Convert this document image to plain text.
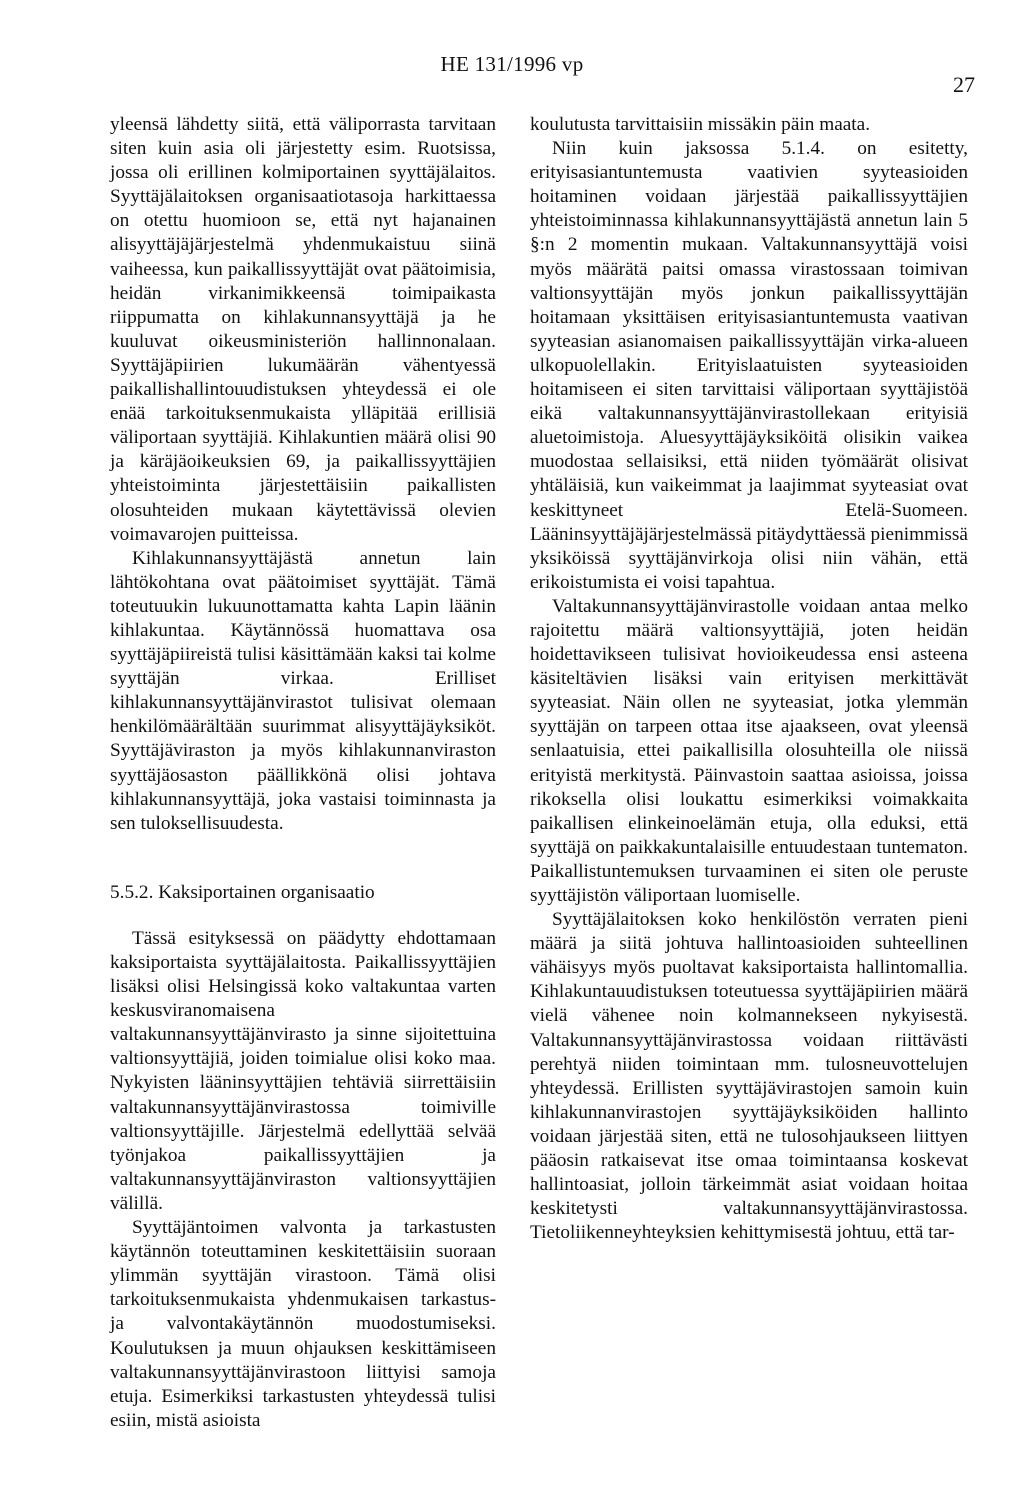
HE 131/1996 vp
27

yleensä lähdetty siitä, että väliporrasta tarvitaan siten kuin asia oli järjestetty esim. Ruotsissa, jossa oli erillinen kolmiportainen syyttäjälaitos. Syyttäjälaitoksen organisaatiotasoja harkittaessa on otettu huomioon se, että nyt hajanainen alisyyttäjäjärjestelmä yhdenmukaistuu siinä vaiheessa, kun paikallissyyttäjät ovat päätoimisia, heidän virkanimikkeensä toimipaikasta riippumatta on kihlakunnansyyttäjä ja he kuuluvat oikeusministeriön hallinnonalaan. Syyttäjäpiirien lukumäärän vähentyessä paikallishallintouudistuksen yhteydessä ei ole enää tarkoituksenmukaista ylläpitää erillisiä väliportaan syyttäjiä. Kihlakuntien määrä olisi 90 ja käräjäoikeuksien 69, ja paikallissyyttäjien yhteistoiminta järjestettäisiin paikallisten olosuhteiden mukaan käytettävissä olevien voimavarojen puitteissa.

Kihlakunnansyyttäjästä annetun lain lähtökohtana ovat päätoimiset syyttäjät. Tämä toteutuukin lukuunottamatta kahta Lapin läänin kihlakuntaa. Käytännössä huomattava osa syyttäjäpiireistä tulisi käsittämään kaksi tai kolme syyttäjän virkaa. Erilliset kihlakunnansyyttäjänvirastot tulisivat olemaan henkilömäärältään suurimmat alisyyttäjäyksiköt. Syyttäjäviraston ja myös kihlakunnanviraston syyttäjäosaston päällikkönä olisi johtava kihlakunnansyyttäjä, joka vastaisi toiminnasta ja sen tuloksellisuudesta.

5.5.2. Kaksiportainen organisaatio

Tässä esityksessä on päädytty ehdottamaan kaksiportaista syyttäjälaitosta. Paikallissyyttäjien lisäksi olisi Helsingissä koko valtakuntaa varten keskusviranomaisena valtakunnansyyttäjänvirasto ja sinne sijoitettuina valtionsyyttäjiä, joiden toimialue olisi koko maa. Nykyisten lääninsyyttäjien tehtäviä siirrettäisiin valtakunnansyyttäjänvirastossa toimiville valtionsyyttäjille. Järjestelmä edellyttää selvää työnjakoa paikallissyyttäjien ja valtakunnansyyttäjänviraston valtionsyyttäjien välillä.

Syyttäjäntoimen valvonta ja tarkastusten käytännön toteuttaminen keskitettäisiin suoraan ylimmän syyttäjän virastoon. Tämä olisi tarkoituksenmukaista yhdenmukaisen tarkastus- ja valvontakäytännön muodostumiseksi. Koulutuksen ja muun ohjauksen keskittämiseen valtakunnansyyttäjänvirastoon liittyisi samoja etuja. Esimerkiksi tarkastusten yhteydessä tulisi esiin, mistä asioista

koulutusta tarvittaisiin missäkin päin maata.

Niin kuin jaksossa 5.1.4. on esitetty, erityisasiantuntemusta vaativien syyteasioiden hoitaminen voidaan järjestää paikallissyyttäjien yhteistoiminnassa kihlakunnansyyttäjästä annetun lain 5 §:n 2 momentin mukaan. Valtakunnansyyttäjä voisi myös määrätä paitsi omassa virastossaan toimivan valtionsyyttäjän myös jonkun paikallissyyttäjän hoitamaan yksittäisen erityisasiantuntemusta vaativan syyteasian asianomaisen paikallissyyttäjän virka-alueen ulkopuolellakin. Erityislaatuisten syyteasioiden hoitamiseen ei siten tarvittaisi väliportaan syyttäjistöä eikä valtakunnansyyttäjänvirastollekaan erityisiä aluetoimistoja. Aluesyyttäjäyksiköitä olisikin vaikea muodostaa sellaisiksi, että niiden työmäärät olisivat yhtäläisiä, kun vaikeimmat ja laajimmat syyteasiat ovat keskittyneet Etelä-Suomeen. Lääninsyyttäjäjärjestelmässä pitäydyttäessä pienimmissä yksiköissä syyttäjänvirkoja olisi niin vähän, että erikoistumista ei voisi tapahtua.

Valtakunnansyyttäjänvirastolle voidaan antaa melko rajoitettu määrä valtionsyyttäjiä, joten heidän hoidettavikseen tulisivat hovioikeudessa ensi asteena käsiteltävien lisäksi vain erityisen merkittävät syyteasiat. Näin ollen ne syyteasiat, jotka ylemmän syyttäjän on tarpeen ottaa itse ajaakseen, ovat yleensä senlaatuisia, ettei paikallisilla olosuhteilla ole niissä erityistä merkitystä. Päinvastoin saattaa asioissa, joissa rikoksella olisi loukattu esimerkiksi voimakkaita paikallisen elinkeinoelämän etuja, olla eduksi, että syyttäjä on paikkakuntalaisille entuudestaan tuntematon. Paikallistuntemuksen turvaaminen ei siten ole peruste syyttäjistön väliportaan luomiselle.

Syyttäjälaitoksen koko henkilöstön verraten pieni määrä ja siitä johtuva hallintoasioiden suhteellinen vähäisyys myös puoltavat kaksiportaista hallintomallia. Kihlakuntauudistuksen toteutuessa syyttäjäpiirien määrä vielä vähenee noin kolmannekseen nykyisestä. Valtakunnansyyttäjänvirastossa voidaan riittävästi perehtyä niiden toimintaan mm. tulosneuvottelujen yhteydessä. Erillisten syyttäjävirastojen samoin kuin kihlakunnanvirastojen syyttäjäyksiköiden hallinto voidaan järjestää siten, että ne tulosohjaukseen liittyen pääosin ratkaisevat itse omaa toimintaansa koskevat hallintoasiat, jolloin tärkeimmät asiat voidaan hoitaa keskitetysti valtakunnansyyttäjänvirastossa. Tietoliikenneyhteyksien kehittymisestä johtuu, että tar-
